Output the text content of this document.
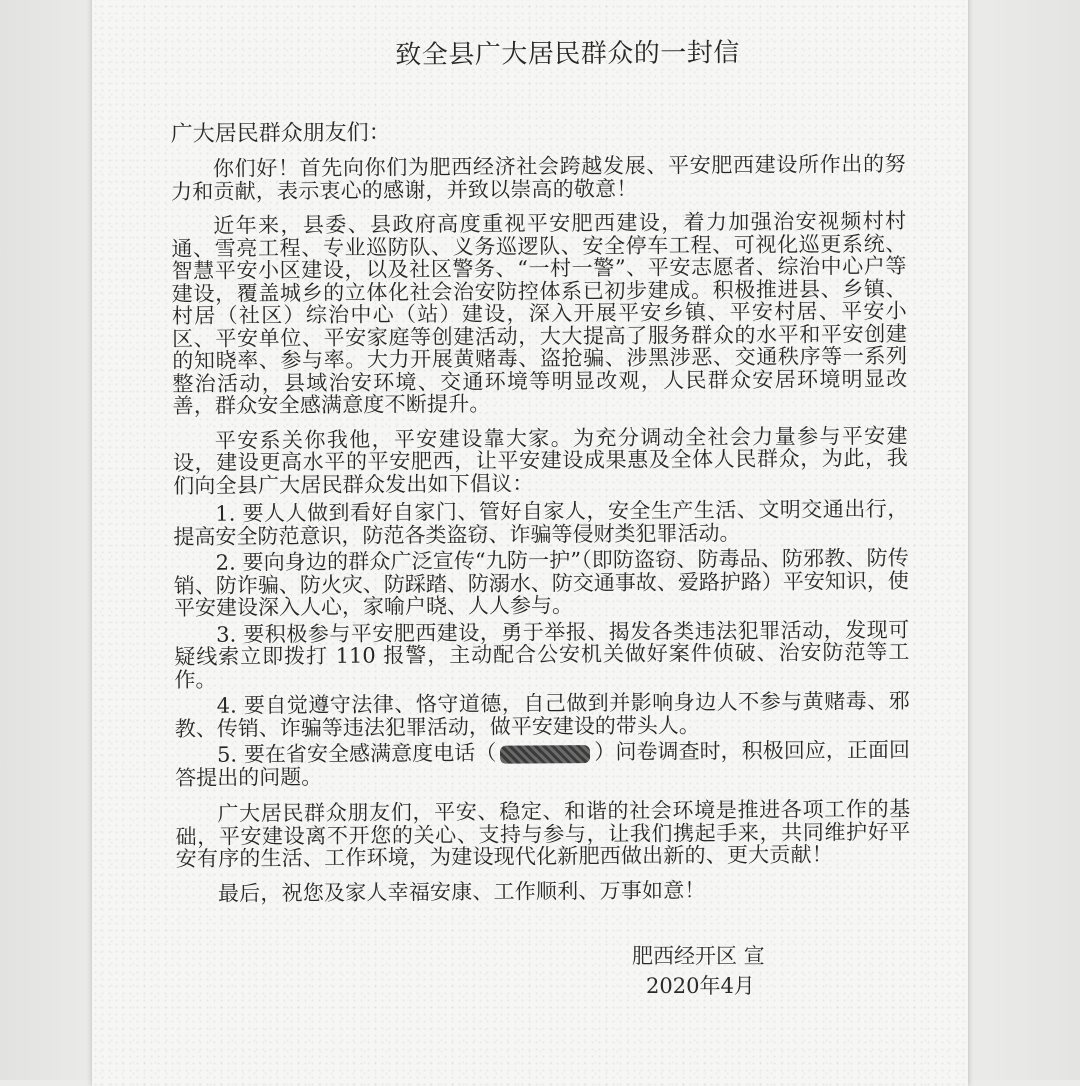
致全县广大居民群众的一封信

广大居民群众朋友们：

你们好！首先向你们为肥西经济社会跨越发展、平安肥西建设所作出的努力和贡献，表示衷心的感谢，并致以崇高的敬意！

近年来，县委、县政府高度重视平安肥西建设，着力加强治安视频村村通、雪亮工程、专业巡防队、义务巡逻队、安全停车工程、可视化巡更系统、智慧平安小区建设，以及社区警务、“一村一警”、平安志愿者、综治中心户等建设，覆盖城乡的立体化社会治安防控体系已初步建成。积极推进县、乡镇、村居（社区）综治中心（站）建设，深入开展平安乡镇、平安村居、平安小区、平安单位、平安家庭等创建活动，大大提高了服务群众的水平和平安创建的知晓率、参与率。大力开展黄赌毒、盗抢骗、涉黑涉恶、交通秩序等一系列整治活动，县域治安环境、交通环境等明显改观，人民群众安居环境明显改善，群众安全感满意度不断提升。

平安系关你我他，平安建设靠大家。为充分调动全社会力量参与平安建设，建设更高水平的平安肥西，让平安建设成果惠及全体人民群众，为此，我们向全县广大居民群众发出如下倡议：

1. 要人人做到看好自家门、管好自家人，安全生产生活、文明交通出行，提高安全防范意识，防范各类盗窃、诈骗等侵财类犯罪活动。

2. 要向身边的群众广泛宣传“九防一护”（即防盗窃、防毒品、防邪教、防传销、防诈骗、防火灾、防踩踏、防溺水、防交通事故、爱路护路）平安知识，使平安建设深入人心，家喻户晓、人人参与。

3. 要积极参与平安肥西建设，勇于举报、揭发各类违法犯罪活动，发现可疑线索立即拨打 110 报警，主动配合公安机关做好案件侦破、治安防范等工作。

4. 要自觉遵守法律、恪守道德，自己做到并影响身边人不参与黄赌毒、邪教、传销、诈骗等违法犯罪活动，做平安建设的带头人。

5. 要在省安全感满意度电话（	）问卷调查时，积极回应，正面回答提出的问题。

广大居民群众朋友们，平安、稳定、和谐的社会环境是推进各项工作的基础，平安建设离不开您的关心、支持与参与，让我们携起手来，共同维护好平安有序的生活、工作环境，为建设现代化新肥西做出新的、更大贡献！

最后，祝您及家人幸福安康、工作顺利、万事如意！

肥西经开区 宣
2020年4月
